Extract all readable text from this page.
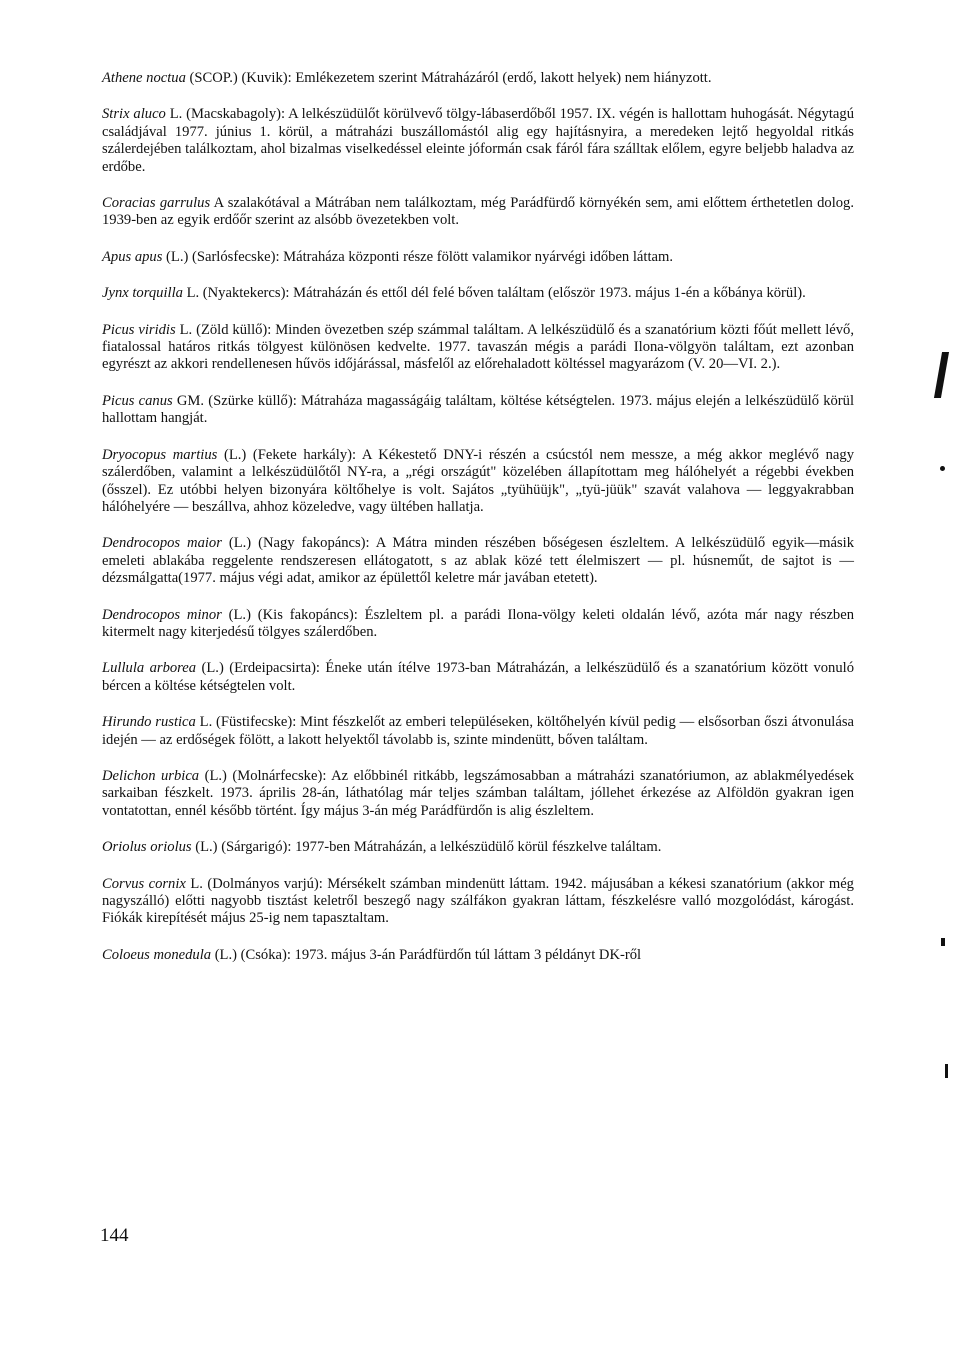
Athene noctua (SCOP.) (Kuvik): Emlékezetem szerint Mátraházáról (erdő, lakott helyek) nem hiányzott.

Strix aluco L. (Macskabagoly): A lelkészüdülőt körülvevő tölgy-lábaserdőből 1957. IX. végén is hallottam huhogását. Négytagú családjával 1977. június 1. körül, a mátraházi buszállomástól alig egy hajításnyira, a meredeken lejtő hegyoldal ritkás szálerdejében találkoztam, ahol bizalmas viselkedéssel eleinte jóformán csak fáról fára szálltak előlem, egyre beljebb haladva az erdőbe.

Coracias garrulus A szalakótával a Mátrában nem találkoztam, még Parádfürdő környékén sem, ami előttem érthetetlen dolog. 1939-ben az egyik erdőőr szerint az alsóbb övezetekben volt.

Apus apus (L.) (Sarlósfecske): Mátraháza központi része fölött valamikor nyárvégi időben láttam.

Jynx torquilla L. (Nyaktekercs): Mátraházán és ettől dél felé bőven találtam (először 1973. május 1-én a kőbánya körül).

Picus viridis L. (Zöld küllő): Minden övezetben szép számmal találtam. A lelkészüdülő és a szanatórium közti főút mellett lévő, fiatalossal határos ritkás tölgyest különösen kedvelte. 1977. tavaszán mégis a parádi Ilona-völgyön találtam, ezt azonban egyrészt az akkori rendellenesen hűvös időjárással, másfelől az előrehaladott költéssel magyarázom (V. 20—VI. 2.).

Picus canus GM. (Szürke küllő): Mátraháza magasságáig találtam, költése kétségtelen. 1973. május elején a lelkészüdülő körül hallottam hangját.

Dryocopus martius (L.) (Fekete harkály): A Kékestető DNY-i részén a csúcstól nem messze, a még akkor meglévő nagy szálerdőben, valamint a lelkészüdülőtől NY-ra, a „régi országút" közelében állapítottam meg hálóhelyét a régebbi években (ősszel). Ez utóbbi helyen bizonyára költőhelye is volt. Sajátos „tyühüüjk", „tyü-jüük" szavát valahova — leggyakrabban hálóhelyére — beszállva, ahhoz közeledve, vagy ültében hallatja.

Dendrocopos maior (L.) (Nagy fakopáncs): A Mátra minden részében bőségesen észleltem. A lelkészüdülő egyik—másik emeleti ablakába reggelente rendszeresen ellátogatott, s az ablak közé tett élelmiszert — pl. húsneműt, de sajtot is — dézsmálgatta(1977. május végi adat, amikor az épülettől keletre már javában etetett).

Dendrocopos minor (L.) (Kis fakopáncs): Észleltem pl. a parádi Ilona-völgy keleti oldalán lévő, azóta már nagy részben kitermelt nagy kiterjedésű tölgyes szálerdőben.

Lullula arborea (L.) (Erdeipacsirta): Éneke után ítélve 1973-ban Mátraházán, a lelkészüdülő és a szanatórium között vonuló bércen a költése kétségtelen volt.

Hirundo rustica L. (Füstifecske): Mint fészkelőt az emberi településeken, költőhelyén kívül pedig — elsősorban őszi átvonulása idején — az erdőségek fölött, a lakott helyektől távolabb is, szinte mindenütt, bőven találtam.

Delichon urbica (L.) (Molnárfecske): Az előbbinél ritkább, legszámosabban a mátraházi szanatóriumon, az ablakmélyedések sarkaiban fészkelt. 1973. április 28-án, láthatólag már teljes számban találtam, jóllehet érkezése az Alföldön gyakran igen vontatottan, ennél később történt. Így május 3-án még Parádfürdőn is alig észleltem.

Oriolus oriolus (L.) (Sárgarigó): 1977-ben Mátraházán, a lelkészüdülő körül fészkelve találtam.

Corvus cornix L. (Dolmányos varjú): Mérsékelt számban mindenütt láttam. 1942. májusában a kékesi szanatórium (akkor még nagyszálló) előtti nagyobb tisztást keletről beszegő nagy szálfákon gyakran láttam, fészkelésre valló mozgolódást, károgást. Fiókák kirepítését május 25-ig nem tapasztaltam.

Coloeus monedula (L.) (Csóka): 1973. május 3-án Parádfürdőn túl láttam 3 példányt DK-ről

144
